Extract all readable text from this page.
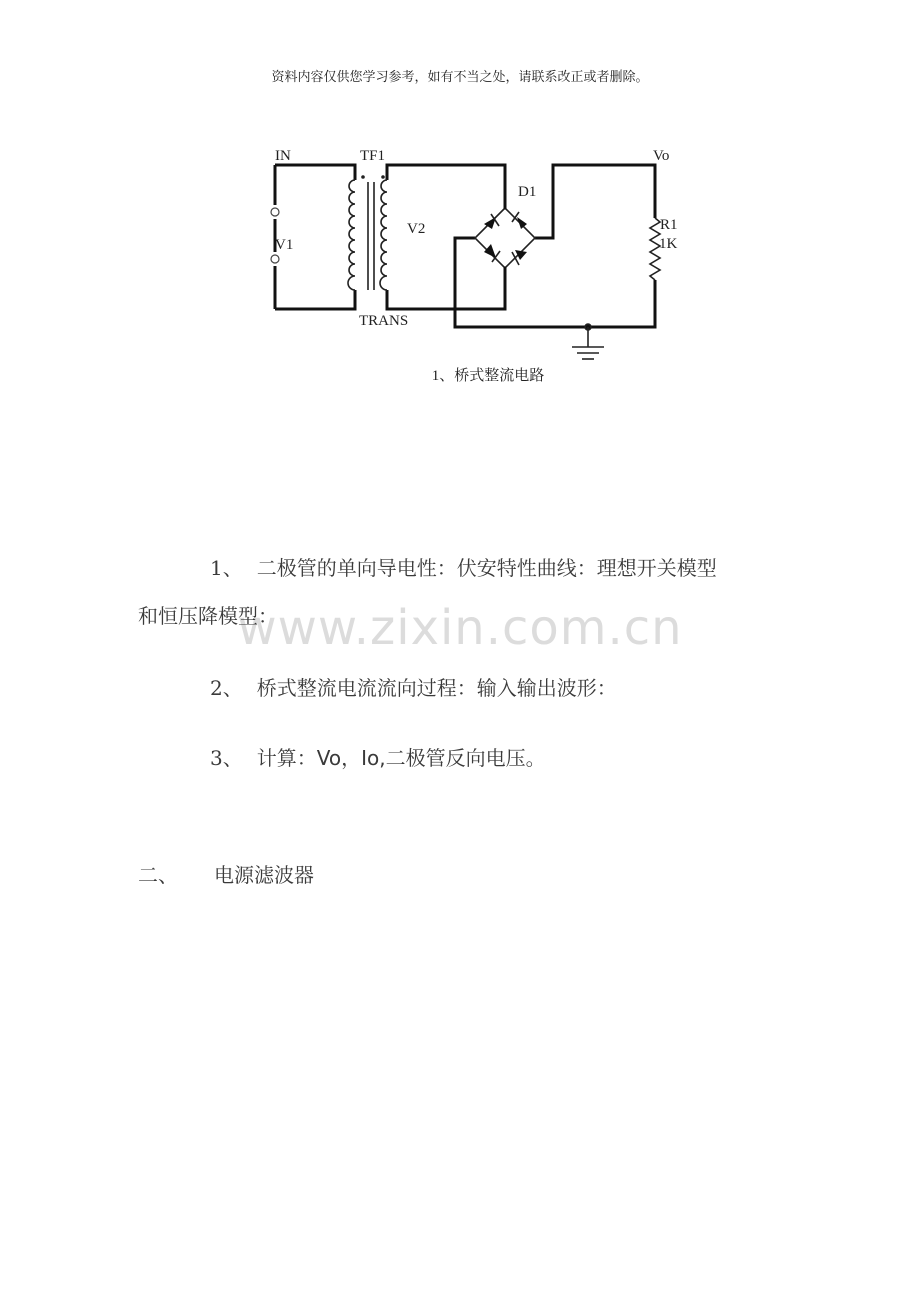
资料内容仅供您学习参考，如有不当之处，请联系改正或者删除。
IN
V1
TF1
V2
TRANS
D1
Vo
R1
1K
1、桥式整流电路
www.zixin.com.cn
1、 二极管的单向导电性：伏安特性曲线：理想开关模型
和恒压降模型：
2、 桥式整流电流流向过程：输入输出波形：
3、 计算：Vo，Io,二极管反向电压。
二、 电源滤波器
